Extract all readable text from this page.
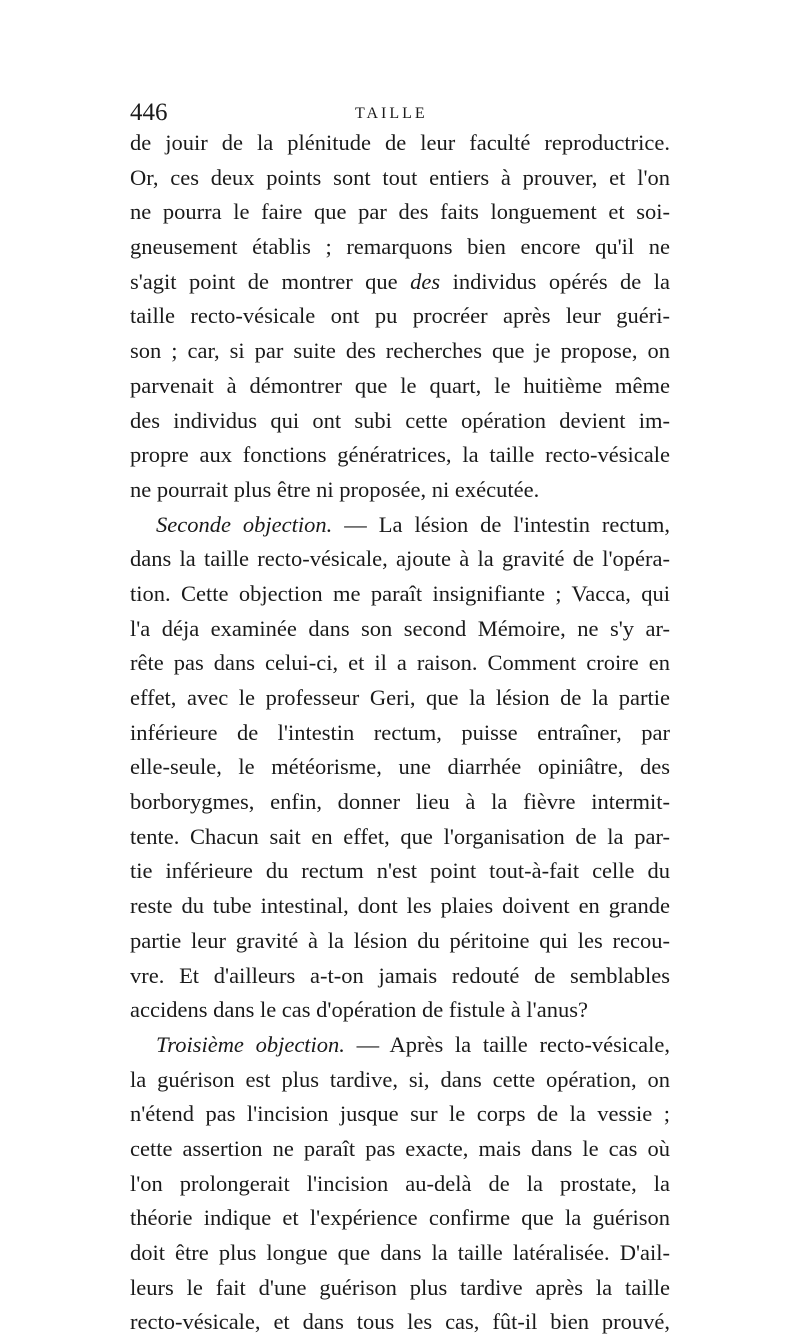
446	TAILLE
de jouir de la plénitude de leur faculté reproductrice.
Or, ces deux points sont tout entiers à prouver, et l'on
ne pourra le faire que par des faits longuement et soi-
gneusement établis ; remarquons bien encore qu'il ne
s'agit point de montrer que des individus opérés de la
taille recto-vésicale ont pu procréer après leur guéri-
son ; car, si par suite des recherches que je propose, on
parvenait à démontrer que le quart, le huitième même
des individus qui ont subi cette opération devient im-
propre aux fonctions génératrices, la taille recto-vésicale
ne pourrait plus être ni proposée, ni exécutée.
Seconde objection. — La lésion de l'intestin rectum,
dans la taille recto-vésicale, ajoute à la gravité de l'opéra-
tion. Cette objection me paraît insignifiante ; Vacca, qui
l'a déja examinée dans son second Mémoire, ne s'y ar-
rête pas dans celui-ci, et il a raison. Comment croire en
effet, avec le professeur Geri, que la lésion de la partie
inférieure de l'intestin rectum, puisse entraîner, par
elle-seule, le météorisme, une diarrhée opiniâtre, des
borborygmes, enfin, donner lieu à la fièvre intermit-
tente. Chacun sait en effet, que l'organisation de la par-
tie inférieure du rectum n'est point tout-à-fait celle du
reste du tube intestinal, dont les plaies doivent en grande
partie leur gravité à la lésion du péritoine qui les recou-
vre. Et d'ailleurs a-t-on jamais redouté de semblables
accidens dans le cas d'opération de fistule à l'anus?
Troisième objection. — Après la taille recto-vésicale,
la guérison est plus tardive, si, dans cette opération, on
n'étend pas l'incision jusque sur le corps de la vessie ;
cette assertion ne paraît pas exacte, mais dans le cas où
l'on prolongerait l'incision au-delà de la prostate, la
théorie indique et l'expérience confirme que la guérison
doit être plus longue que dans la taille latéralisée. D'ail-
leurs le fait d'une guérison plus tardive après la taille
recto-vésicale, et dans tous les cas, fût-il bien prouvé,
